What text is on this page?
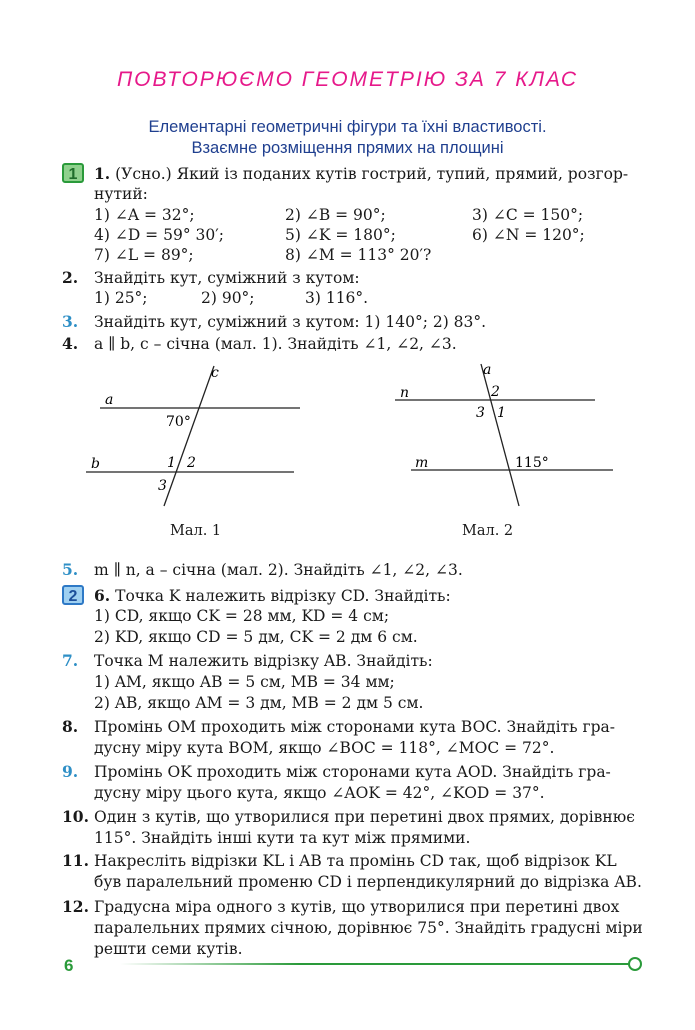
ПОВТОРЮЄМО ГЕОМЕТРІЮ ЗА 7 КЛАС
Елементарні геометричні фігури та їхні властивості.
Взаємне розміщення прямих на площині
1	1. (Усно.) Який із поданих кутів гострий, тупий, прямий, розгор-
нутий:
1) ∠A = 32°;	2) ∠B = 90°;	3) ∠C = 150°;
4) ∠D = 59° 30′;	5) ∠K = 180°;	6) ∠N = 120°;
7) ∠L = 89°;	8) ∠M = 113° 20′?
2. Знайдіть кут, суміжний з кутом:
1) 25°;	2) 90°;	3) 116°.
3. Знайдіть кут, суміжний з кутом: 1) 140°; 2) 83°.
4. a ∥ b, c – січна (мал. 1). Знайдіть ∠1, ∠2, ∠3.
a
b
c
70°
1 2
3
Мал. 1
n
m
a
2
3 1
115°
Мал. 2
5. m ∥ n, a – січна (мал. 2). Знайдіть ∠1, ∠2, ∠3.
2	6. Точка K належить відрізку CD. Знайдіть:
1) CD, якщо CK = 28 мм, KD = 4 см;
2) KD, якщо CD = 5 дм, CK = 2 дм 6 см.
7. Точка M належить відрізку AB. Знайдіть:
1) AM, якщо AB = 5 см, MB = 34 мм;
2) AB, якщо AM = 3 дм, MB = 2 дм 5 см.
8. Промінь OM проходить між сторонами кута BOC. Знайдіть гра-
дусну міру кута BOM, якщо ∠BOC = 118°, ∠MOC = 72°.
9. Промінь OK проходить між сторонами кута AOD. Знайдіть гра-
дусну міру цього кута, якщо ∠AOK = 42°, ∠KOD = 37°.
10. Один з кутів, що утворилися при перетині двох прямих, дорівнює
115°. Знайдіть інші кути та кут між прямими.
11. Накресліть відрізки KL і AB та промінь CD так, щоб відрізок KL
був паралельний променю CD і перпендикулярний до відрізка AB.
12. Градусна міра одного з кутів, що утворилися при перетині двох
паралельних прямих січною, дорівнює 75°. Знайдіть градусні міри
решти семи кутів.
6
